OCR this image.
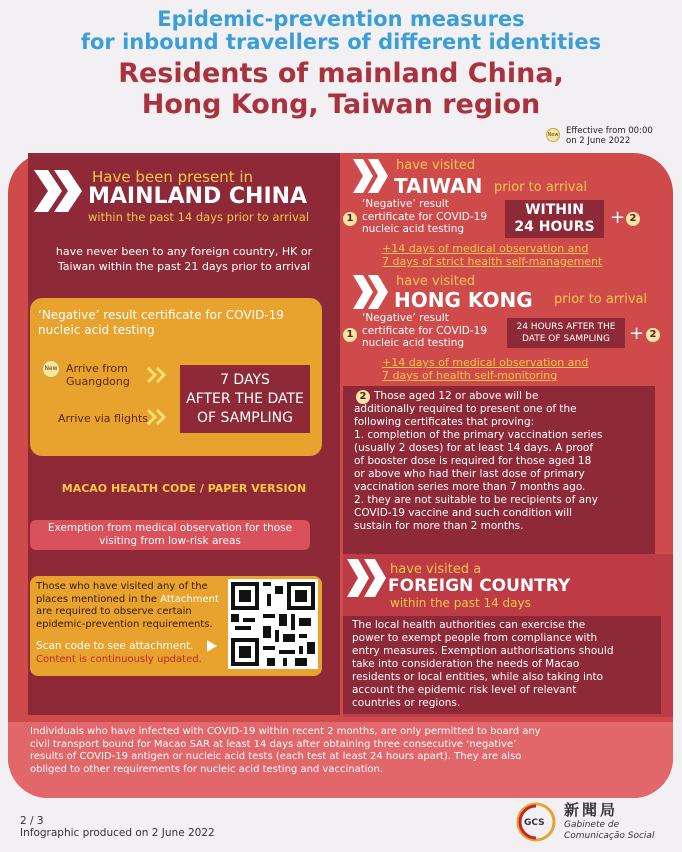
Epidemic-prevention measures
for inbound travellers of different identities
Residents of mainland China,
Hong Kong, Taiwan region
New Effective from 00:00
on 2 June 2022
Have been present in
MAINLAND CHINA
within the past 14 days prior to arrival
have never been to any foreign country, HK or
Taiwan within the past 21 days prior to arrival
‘Negative’ result certificate for COVID-19
nucleic acid testing
New Arrive from
Guangdong
Arrive via flights
7 DAYS
AFTER THE DATE
OF SAMPLING
MACAO HEALTH CODE / PAPER VERSION
Exemption from medical observation for those
visiting from low-risk areas
Those who have visited any of the
places mentioned in the Attachment
are required to observe certain
epidemic-prevention requirements.
Scan code to see attachment.
Content is continuously updated.
have visited
TAIWAN prior to arrival
1
‘Negative’ result
certificate for COVID-19
nucleic acid testing
WITHIN
24 HOURS + 2
+14 days of medical observation and
7 days of strict health self-management
have visited
HONG KONG prior to arrival
1
‘Negative’ result
certificate for COVID-19
nucleic acid testing
24 HOURS AFTER THE
DATE OF SAMPLING	+ 2
+14 days of medical observation and
7 days of health self-monitoring
2 Those aged 12 or above will be
additionally required to present one of the
following certificates that proving:
1. completion of the primary vaccination series
(usually 2 doses) for at least 14 days. A proof
of booster dose is required for those aged 18
or above who had their last dose of primary
vaccination series more than 7 months ago.
2. they are not suitable to be recipients of any
COVID-19 vaccine and such condition will
sustain for more than 2 months.
have visited a
FOREIGN COUNTRY
within the past 14 days
The local health authorities can exercise the
power to exempt people from compliance with
entry measures. Exemption authorisations should
take into consideration the needs of Macao
residents or local entities, while also taking into
account the epidemic risk level of relevant
countries or regions.
Individuals who have infected with COVID-19 within recent 2 months, are only permitted to board any
civil transport bound for Macao SAR at least 14 days after obtaining three consecutive ‘negative’
results of COVID-19 antigen or nucleic acid tests (each test at least 24 hours apart). They are also
obliged to other requirements for nucleic acid testing and vaccination.
2 / 3
Infographic produced on 2 June 2022
GCS
新聞局
Gabinete de
Comunicação Social
